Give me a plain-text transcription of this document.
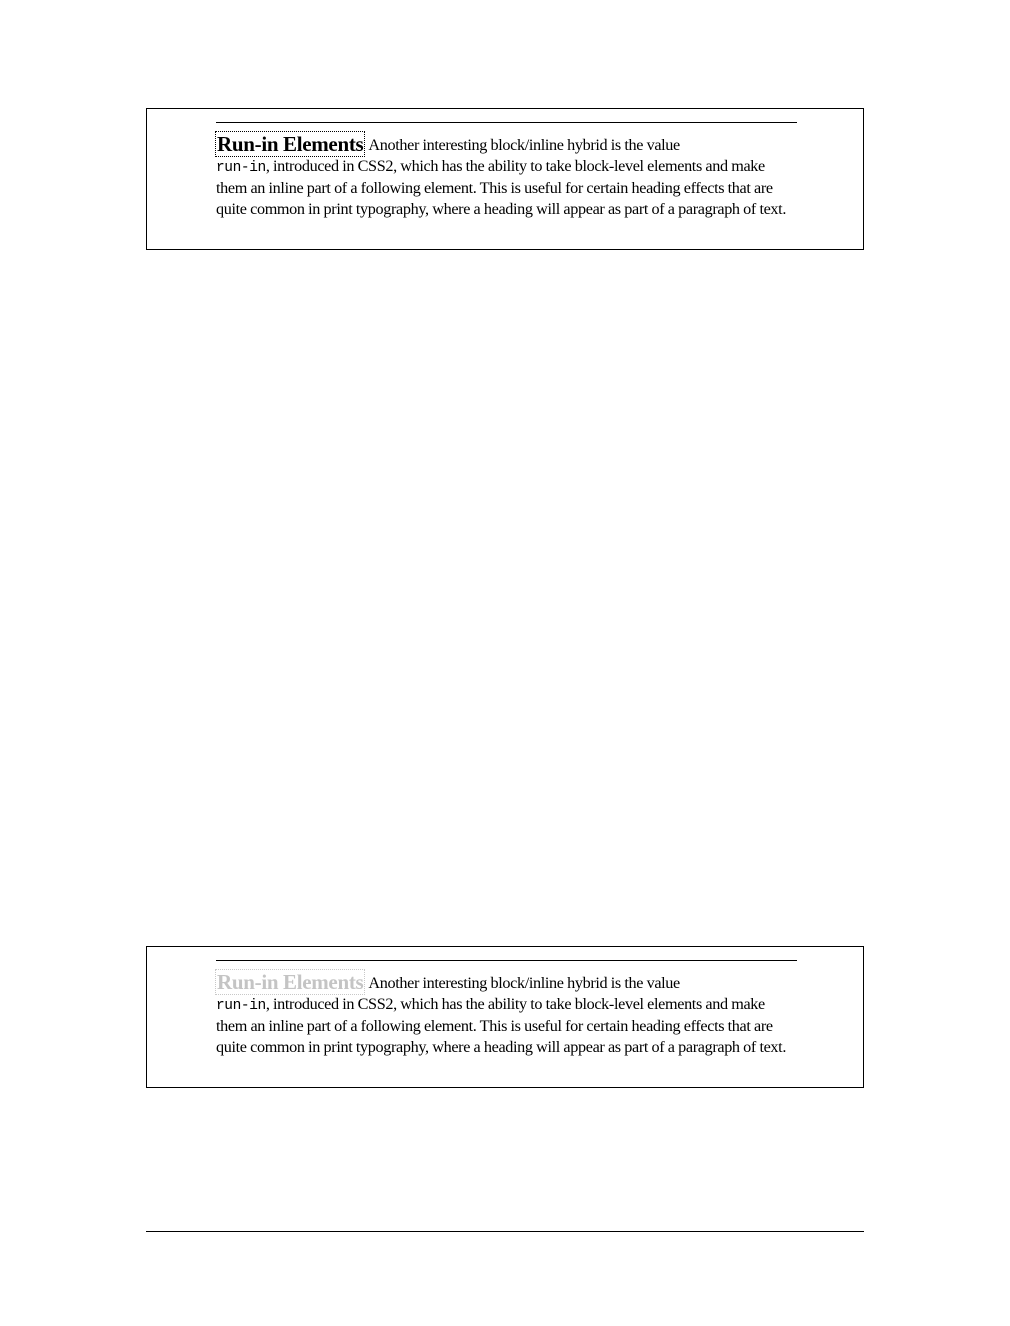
Run-in Elements Another interesting block/inline hybrid is the value
run-in, introduced in CSS2, which has the ability to take block-level elements and make them an inline part of a following element. This is useful for certain heading effects that are quite common in print typography, where a heading will appear as part of a paragraph of text.

Run-in Elements Another interesting block/inline hybrid is the value
run-in, introduced in CSS2, which has the ability to take block-level elements and make them an inline part of a following element. This is useful for certain heading effects that are quite common in print typography, where a heading will appear as part of a paragraph of text.
